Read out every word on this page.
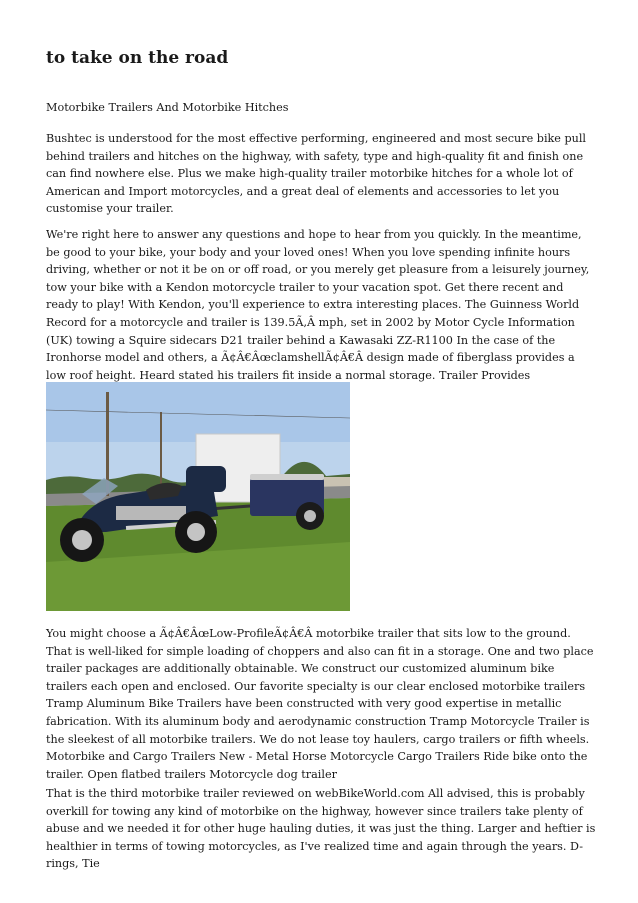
to take on the road

Motorbike Trailers And Motorbike Hitches

Bushtec is understood for the most effective performing, engineered and most secure bike pull behind trailers and hitches on the highway, with safety, type and high-quality fit and finish one can find nowhere else. Plus we make high-quality trailer motorbike hitches for a whole lot of American and Import motorcycles, and a great deal of elements and accessories to let you customise your trailer.

We're right here to answer any questions and hope to hear from you quickly. In the meantime, be good to your bike, your body and your loved ones! When you love spending infinite hours driving, whether or not it be on or off road, or you merely get pleasure from a leisurely journey, tow your bike with a Kendon motorcycle trailer to your vacation spot. Get there recent and ready to play! With Kendon, you'll experience to extra interesting places. The Guinness World Record for a motorcycle and trailer is 139.5Ã‚Â mph, set in 2002 by Motor Cycle Information (UK) towing a Squire sidecars D21 trailer behind a Kawasaki ZZ-R1100 In the case of the Ironhorse model and others, a Ã¢Â€ÂœclamshellÃ¢Â€Â design made of fiberglass provides a low roof height. Heard stated his trailers fit inside a normal storage. Trailer Provides

You might choose a Ã¢Â€ÂœLow-ProfileÃ¢Â€Â motorbike trailer that sits low to the ground. That is well-liked for simple loading of choppers and also can fit in a storage. One and two place trailer packages are additionally obtainable. We construct our customized aluminum bike trailers each open and enclosed. Our favorite specialty is our clear enclosed motorbike trailers Tramp Aluminum Bike Trailers have been constructed with very good expertise in metallic fabrication. With its aluminum body and aerodynamic construction Tramp Motorcycle Trailer is the sleekest of all motorbike trailers. We do not lease toy haulers, cargo trailers or fifth wheels. Motorbike and Cargo Trailers New - Metal Horse Motorcycle Cargo Trailers Ride bike onto the trailer. Open flatbed trailers Motorcycle dog trailer

That is the third motorbike trailer reviewed on webBikeWorld.com All advised, this is probably overkill for towing any kind of motorbike on the highway, however since trailers take plenty of abuse and we needed it for other huge hauling duties, it was just the thing. Larger and heftier is healthier in terms of towing motorcycles, as I've realized time and again through the years. D-rings, Tie
